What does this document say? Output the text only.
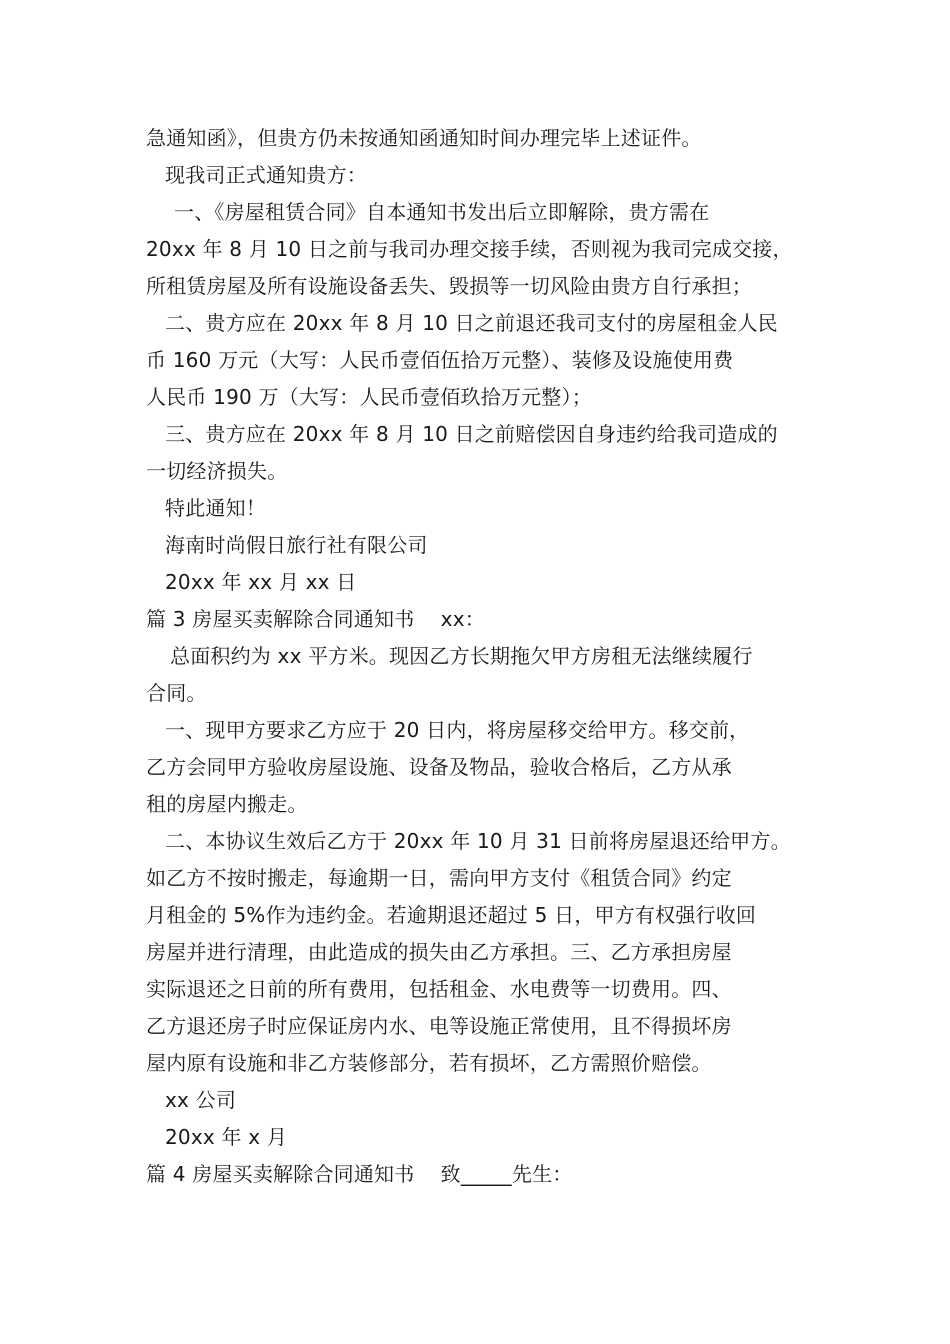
急通知函》，但贵方仍未按通知函通知时间办理完毕上述证件。
现我司正式通知贵方：
一、《房屋租赁合同》自本通知书发出后立即解除，贵方需在
20xx 年 8 月 10 日之前与我司办理交接手续，否则视为我司完成交接，
所租赁房屋及所有设施设备丢失、毁损等一切风险由贵方自行承担；
二、贵方应在 20xx 年 8 月 10 日之前退还我司支付的房屋租金人民
币 160 万元（大写：人民币壹佰伍拾万元整）、装修及设施使用费
人民币 190 万（大写：人民币壹佰玖拾万元整）；
三、贵方应在 20xx 年 8 月 10 日之前赔偿因自身违约给我司造成的
一切经济损失。
特此通知！
海南时尚假日旅行社有限公司
20xx 年 xx 月 xx 日
篇 3 房屋买卖解除合同通知书    xx：
总面积约为 xx 平方米。现因乙方长期拖欠甲方房租无法继续履行
合同。
一、现甲方要求乙方应于 20 日内，将房屋移交给甲方。移交前，
乙方会同甲方验收房屋设施、设备及物品，验收合格后，乙方从承
租的房屋内搬走。
二、本协议生效后乙方于 20xx 年 10 月 31 日前将房屋退还给甲方。
如乙方不按时搬走，每逾期一日，需向甲方支付《租赁合同》约定
月租金的 5%作为违约金。若逾期退还超过 5 日，甲方有权强行收回
房屋并进行清理，由此造成的损失由乙方承担。三、乙方承担房屋
实际退还之日前的所有费用，包括租金、水电费等一切费用。四、
乙方退还房子时应保证房内水、电等设施正常使用，且不得损坏房
屋内原有设施和非乙方装修部分，若有损坏，乙方需照价赔偿。
xx 公司
20xx 年 x 月
篇 4 房屋买卖解除合同通知书    致_____先生：
